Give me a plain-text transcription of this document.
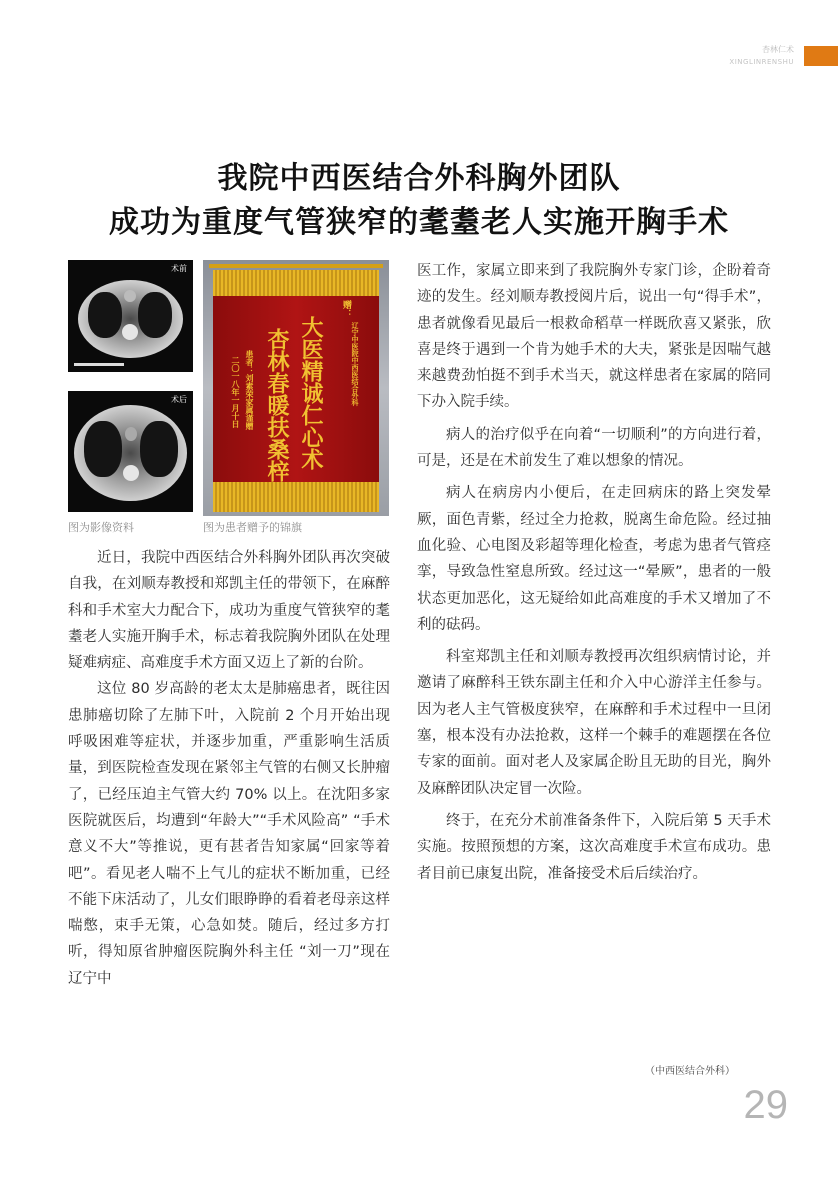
杏林仁术
XINGLINRENSHU
我院中西医结合外科胸外团队
成功为重度气管狭窄的耄耋老人实施开胸手术
术前
术后
赠：
辽宁中医院中西医结合外科
大医精诚仁心术
杏林春暖扶桑梓
患者：刘素荣家属谨赠
二〇一八年一月十日
图为影像资料	图为患者赠予的锦旗

近日，我院中西医结合外科胸外团队再次突破自我，在刘顺寿教授和郑凯主任的带领下，在麻醉科和手术室大力配合下，成功为重度气管狭窄的耄耋老人实施开胸手术，标志着我院胸外团队在处理疑难病症、高难度手术方面又迈上了新的台阶。

这位 80 岁高龄的老太太是肺癌患者，既往因患肺癌切除了左肺下叶，入院前 2 个月开始出现呼吸困难等症状，并逐步加重，严重影响生活质量，到医院检查发现在紧邻主气管的右侧又长肿瘤了，已经压迫主气管大约 70% 以上。在沈阳多家医院就医后，均遭到“年龄大”“手术风险高” “手术意义不大”等推说，更有甚者告知家属“回家等着吧”。看见老人喘不上气儿的症状不断加重，已经不能下床活动了，儿女们眼睁睁的看着老母亲这样喘憋，束手无策，心急如焚。随后，经过多方打听，得知原省肿瘤医院胸外科主任 “刘一刀”现在辽宁中

医工作，家属立即来到了我院胸外专家门诊，企盼着奇迹的发生。经刘顺寿教授阅片后，说出一句“得手术”，患者就像看见最后一根救命稻草一样既欣喜又紧张，欣喜是终于遇到一个肯为她手术的大夫，紧张是因喘气越来越费劲怕挺不到手术当天，就这样患者在家属的陪同下办入院手续。

病人的治疗似乎在向着“一切顺利”的方向进行着，可是，还是在术前发生了难以想象的情况。

病人在病房内小便后，在走回病床的路上突发晕厥，面色青紫，经过全力抢救，脱离生命危险。经过抽血化验、心电图及彩超等理化检查，考虑为患者气管痉挛，导致急性窒息所致。经过这一“晕厥”，患者的一般状态更加恶化，这无疑给如此高难度的手术又增加了不利的砝码。

科室郑凯主任和刘顺寿教授再次组织病情讨论，并邀请了麻醉科王铁东副主任和介入中心游洋主任参与。因为老人主气管极度狭窄，在麻醉和手术过程中一旦闭塞，根本没有办法抢救，这样一个棘手的难题摆在各位专家的面前。面对老人及家属企盼且无助的目光，胸外及麻醉团队决定冒一次险。

终于，在充分术前准备条件下，入院后第 5 天手术实施。按照预想的方案，这次高难度手术宣布成功。患者目前已康复出院，准备接受术后后续治疗。

（中西医结合外科）
29
